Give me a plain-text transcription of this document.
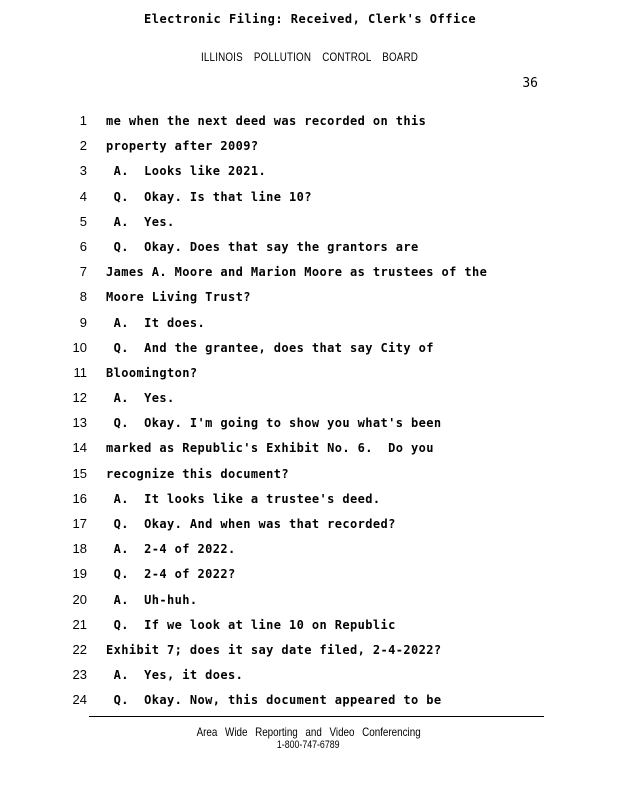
Electronic Filing: Received, Clerk's Office
ILLINOIS POLLUTION CONTROL BOARD
36
1 me when the next deed was recorded on this
2 property after 2009?
3 A.  Looks like 2021.
4 Q.  Okay. Is that line 10?
5 A.  Yes.
6 Q.  Okay. Does that say the grantors are
7 James A. Moore and Marion Moore as trustees of the
8 Moore Living Trust?
9 A.  It does.
10 Q.  And the grantee, does that say City of
11 Bloomington?
12 A.  Yes.
13 Q.  Okay. I'm going to show you what's been
14 marked as Republic's Exhibit No. 6.  Do you
15 recognize this document?
16 A.  It looks like a trustee's deed.
17 Q.  Okay. And when was that recorded?
18 A.  2-4 of 2022.
19 Q.  2-4 of 2022?
20 A.  Uh-huh.
21 Q.  If we look at line 10 on Republic
22 Exhibit 7; does it say date filed, 2-4-2022?
23 A.  Yes, it does.
24 Q.  Okay. Now, this document appeared to be
Area Wide Reporting and Video Conferencing
1-800-747-6789
